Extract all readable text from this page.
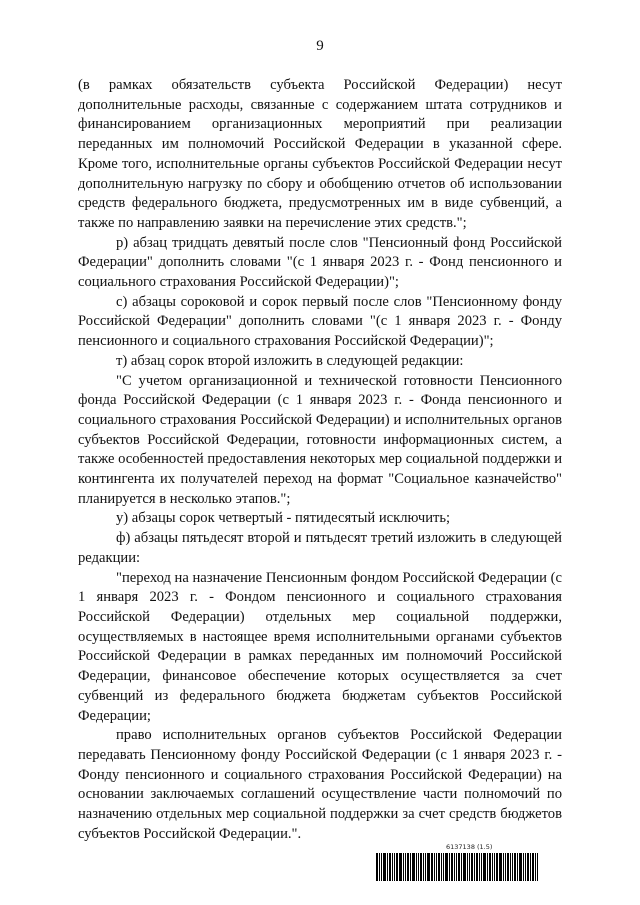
9

(в рамках обязательств субъекта Российской Федерации) несут дополнительные расходы, связанные с содержанием штата сотрудников и финансированием организационных мероприятий при реализации переданных им полномочий Российской Федерации в указанной сфере. Кроме того, исполнительные органы субъектов Российской Федерации несут дополнительную нагрузку по сбору и обобщению отчетов об использовании средств федерального бюджета, предусмотренных им в виде субвенций, а также по направлению заявки на перечисление этих средств.";

р) абзац тридцать девятый после слов "Пенсионный фонд Российской Федерации" дополнить словами "(с 1 января 2023 г. - Фонд пенсионного и социального страхования Российской Федерации)";

с) абзацы сороковой и сорок первый после слов "Пенсионному фонду Российской Федерации" дополнить словами "(с 1 января 2023 г. - Фонду пенсионного и социального страхования Российской Федерации)";

т) абзац сорок второй изложить в следующей редакции:

"С учетом организационной и технической готовности Пенсионного фонда Российской Федерации (с 1 января 2023 г. - Фонда пенсионного и социального страхования Российской Федерации) и исполнительных органов субъектов Российской Федерации, готовности информационных систем, а также особенностей предоставления некоторых мер социальной поддержки и контингента их получателей переход на формат "Социальное казначейство" планируется в несколько этапов.";

у) абзацы сорок четвертый - пятидесятый исключить;

ф) абзацы пятьдесят второй и пятьдесят третий изложить в следующей редакции:

"переход на назначение Пенсионным фондом Российской Федерации (с 1 января 2023 г. - Фондом пенсионного и социального страхования Российской Федерации) отдельных мер социальной поддержки, осуществляемых в настоящее время исполнительными органами субъектов Российской Федерации в рамках переданных им полномочий Российской Федерации, финансовое обеспечение которых осуществляется за счет субвенций из федерального бюджета бюджетам субъектов Российской Федерации;

право исполнительных органов субъектов Российской Федерации передавать Пенсионному фонду Российской Федерации (с 1 января 2023 г. - Фонду пенсионного и социального страхования Российской Федерации) на основании заключаемых соглашений осуществление части полномочий по назначению отдельных мер социальной поддержки за счет средств бюджетов субъектов Российской Федерации.".

6137138 (1.5)
